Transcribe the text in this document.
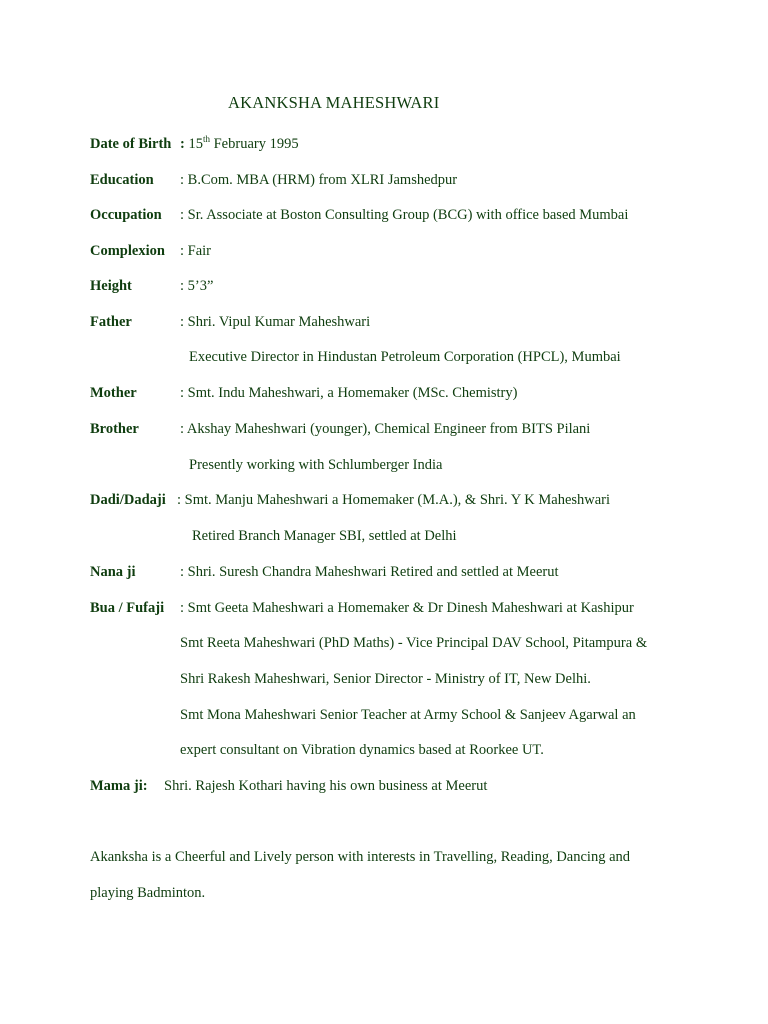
AKANKSHA MAHESHWARI
Date of Birth : 15th February 1995
Education : B.Com. MBA (HRM) from XLRI Jamshedpur
Occupation : Sr. Associate at Boston Consulting Group (BCG) with office based Mumbai
Complexion : Fair
Height	: 5’3”
Father	: Shri. Vipul Kumar Maheshwari
Executive Director in Hindustan Petroleum Corporation (HPCL), Mumbai
Mother	: Smt. Indu Maheshwari, a Homemaker (MSc. Chemistry)
Brother	: Akshay Maheshwari (younger), Chemical Engineer from BITS Pilani
Presently working with Schlumberger India
Dadi/Dadaji : Smt. Manju Maheshwari a Homemaker (M.A.), & Shri. Y K Maheshwari
Retired Branch Manager SBI, settled at Delhi
Nana ji	: Shri. Suresh Chandra Maheshwari Retired and settled at Meerut
Bua / Fufaji : Smt Geeta Maheshwari a Homemaker & Dr Dinesh Maheshwari at Kashipur
Smt Reeta Maheshwari (PhD Maths) - Vice Principal DAV School, Pitampura &
Shri Rakesh Maheshwari, Senior Director - Ministry of IT, New Delhi.
Smt Mona Maheshwari Senior Teacher at Army School & Sanjeev Agarwal an
expert consultant on Vibration dynamics based at Roorkee UT.
Mama ji: Shri. Rajesh Kothari having his own business at Meerut
Akanksha is a Cheerful and Lively person with interests in Travelling, Reading, Dancing and
playing Badminton.
